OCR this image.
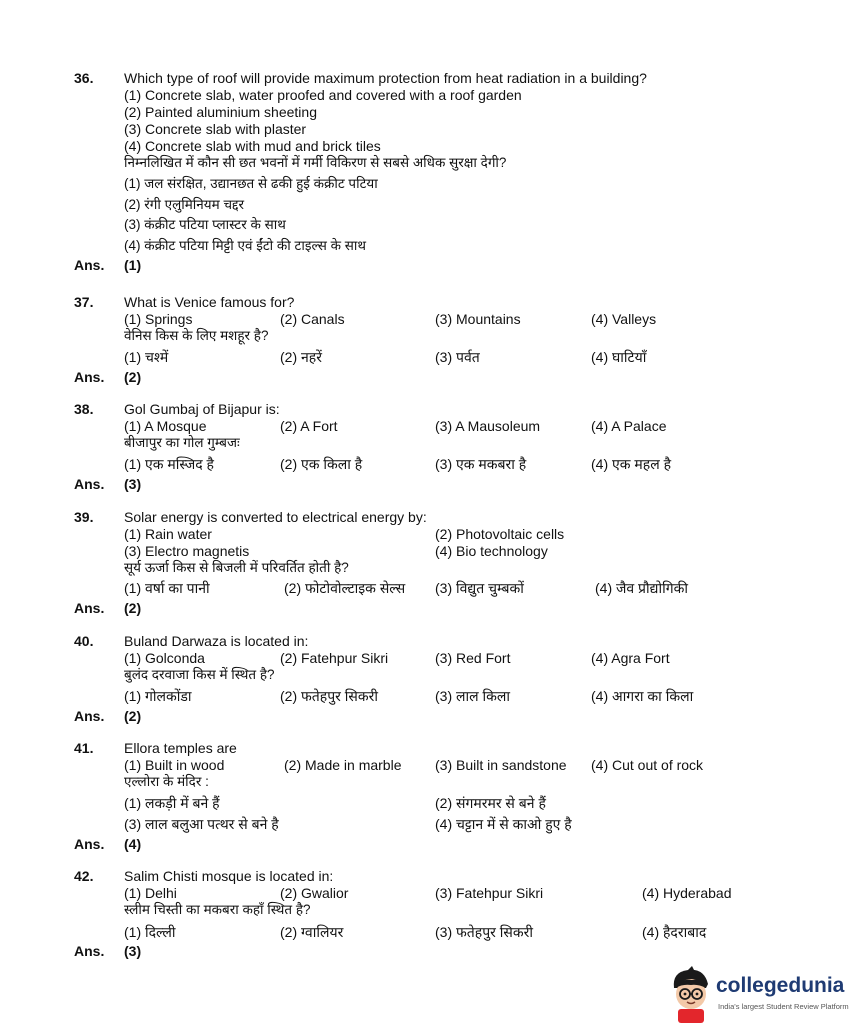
36. Which type of roof will provide maximum protection from heat radiation in a building?
(1) Concrete slab, water proofed and covered with a roof garden
(2) Painted aluminium sheeting
(3) Concrete slab with plaster
(4) Concrete slab with mud and brick tiles
निम्नलिखित में कौन सी छत भवनों में गर्मी विकिरण से सबसे अधिक सुरक्षा देगी?
(1) जल संरक्षित, उद्यानछत से ढकी हुई कंक्रीट पटिया
(2) रंगी एलुमिनियम चद्दर
(3) कंक्रीट पटिया प्लास्टर के साथ
(4) कंक्रीट पटिया मिट्टी एवं ईंटो की टाइल्स के साथ
Ans. (1)
37. What is Venice famous for?
(1) Springs	(2) Canals	(3) Mountains	(4) Valleys
वेनिस किस के लिए मशहूर है?
(1) चश्में	(2) नहरें	(3) पर्वत	(4) घाटियाँ
Ans. (2)
38. Gol Gumbaj of Bijapur is:
(1) A Mosque	(2) A Fort	(3) A Mausoleum	(4) A Palace
बीजापुर का गोल गुम्बजः
(1) एक मस्जिद है	(2) एक किला है	(3) एक मकबरा है	(4) एक महल है
Ans. (3)
39. Solar energy is converted to electrical energy by:
(1) Rain water	(2) Photovoltaic cells
(3) Electro magnetis	(4) Bio technology
सूर्य ऊर्जा किस से बिजली में परिवर्तित होती है?
(1) वर्षा का पानी	(2) फोटोवोल्टाइक सेल्स (3) विद्युत चुम्बकों	(4) जैव प्रौद्योगिकी
Ans. (2)
40. Buland Darwaza is located in:
(1) Golconda	(2) Fatehpur Sikri	(3) Red Fort	(4) Agra Fort
बुलंद दरवाजा किस में स्थित है?
(1) गोलकोंडा	(2) फतेहपुर सिकरी	(3) लाल किला	(4) आगरा का किला
Ans. (2)
41. Ellora temples are
(1) Built in wood	(2) Made in marble (3) Built in sandstone (4) Cut out of rock
एल्लोरा के मंदिर :
(1) लकड़ी में बने हैं	(2) संगमरमर से बने हैं
(3) लाल बलुआ पत्थर से बने है	(4) चट्टान में से काओ हुए है
Ans. (4)
42. Salim Chisti mosque is located in:
(1) Delhi	(2) Gwalior	(3) Fatehpur Sikri	(4) Hyderabad
स्लीम चिस्ती का मकबरा कहाँ स्थित है?
(1) दिल्ली	(2) ग्वालियर	(3) फतेहपुर सिकरी	(4) हैदराबाद
Ans. (3)
collegedunia
India's largest Student Review Platform
